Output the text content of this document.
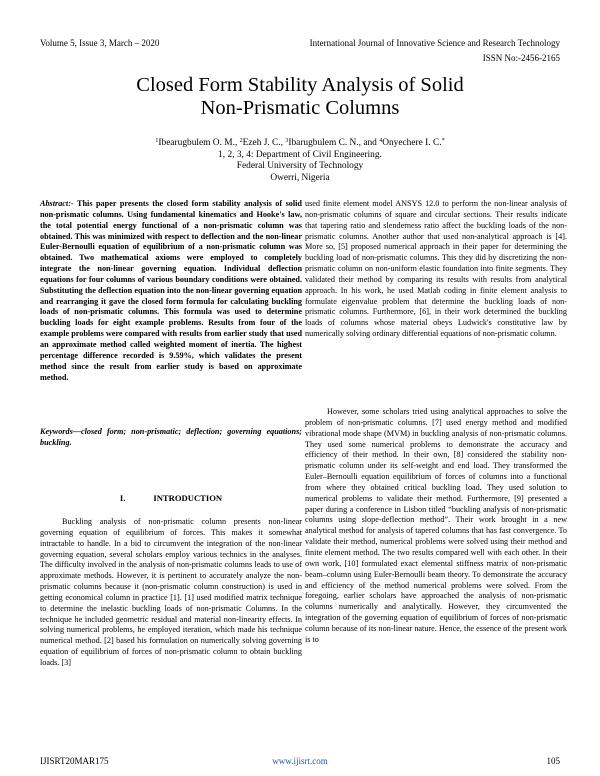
Volume 5, Issue 3, March – 2020	International Journal of Innovative Science and Research Technology
ISSN No:-2456-2165
Closed Form Stability Analysis of Solid
Non-Prismatic Columns
$^1$Ibearugbulem O. M., $^2$Ezeh J. C., $^3$Ibarugbulem C. N., and $^4$Onyechere I. C.*
1, 2, 3, 4: Department of Civil Engineering.
Federal University of Technology
Owerri, Nigeria
Abstract:- This paper presents the closed form stability analysis of solid non-prismatic columns. Using fundamental kinematics and Hooke's law, the total potential energy functional of a non-prismatic column was obtained. This was minimized with respect to deflection and the non-linear Euler-Bernoulli equation of equilibrium of a non-prismatic column was obtained. Two mathematical axioms were employed to completely integrate the non-linear governing equation. Individual deflection equations for four columns of various boundary conditions were obtained. Substituting the deflection equation into the non-linear governing equation and rearranging it gave the closed form formula for calculating buckling loads of non-prismatic columns. This formula was used to determine buckling loads for eight example problems. Results from four of the example problems were compared with results from earlier study that used an approximate method called weighted moment of inertia. The highest percentage difference recorded is 9.59%, which validates the present method since the result from earlier study is based on approximate method.
Keywords—closed form; non-prismatic; deflection; governing equations; buckling.
I.	INTRODUCTION

Buckling analysis of non-prismatic column presents non-linear governing equation of equilibrium of forces. This makes it somewhat intractable to handle. In a bid to circumvent the integration of the non-linear governing equation, several scholars employ various technics in the analyses. The difficulty involved in the analysis of non-prismatic columns leads to use of approximate methods. However, it is pertinent to accurately analyze the non-prismatic columns because it (non-prismatic column construction) is used in getting economical column in practice [1]. [1] used modified matrix technique to determine the inelastic buckling loads of non-prismatic Columns. In the technique he included geometric residual and material non-linearity effects. In solving numerical problems, he employed iteration, which made his technique numerical method. [2] based his formulation on numerically solving governing equation of equilibrium of forces of non-prismatic column to obtain buckling loads. [3]

used finite element model ANSYS 12.0 to perform the non-linear analysis of non-prismatic columns of square and circular sections. Their results indicate that tapering ratio and slenderness ratio affect the buckling loads of the non-prismatic columns. Another author that used non-analytical approach is [4]. More so, [5] proposed numerical approach in their paper for determining the buckling load of non-prismatic columns. This they did by discretizing the non-prismatic column on non-uniform elastic foundation into finite segments. They validated their method by comparing its results with results from analytical approach. In his work, he used Matlab coding in finite element analysis to formulate eigenvalue problem that determine the buckling loads of non-prismatic columns. Furthermore, [6], in their work determined the buckling loads of columns whose material obeys Ludwick's constitutive law by numerically solving ordinary differential equations of non-prismatic column.

However, some scholars tried using analytical approaches to solve the problem of non-prismatic columns. [7] used energy method and modified vibrational mode shape (MVM) in buckling analysis of non-prismatic columns. They used some numerical problems to demonstrate the accuracy and efficiency of their method. In their own, [8] considered the stability non-prismatic column under its self-weight and end load. They transformed the Euler–Bernoulli equation equilibrium of forces of columns into a functional from where they obtained critical buckling load. They used solution to numerical problems to validate their method. Furthermore, [9] presented a paper during a conference in Lisbon titled “buckling analysis of non-prismatic columns using slope-deflection method”. Their work brought in a new analytical method for analysis of tapered columns that has fast convergence. To validate their method, numerical problems were solved using their method and finite element method. The two results compared well with each other. In their own work, [10] formulated exact elemental stiffness matrix of non-prismatic beam–column using Euler-Bernoulli beam theory. To demonstrate the accuracy and efficiency of the method numerical problems were solved. From the foregoing, earlier scholars have approached the analysis of non-prismatic columns numerically and analytically. However, they circumvented the integration of the governing equation of equilibrium of forces of non-prismatic column because of its non-linear nature. Hence, the essence of the present work is to

IJISRT20MAR175	www.ijisrt.com	105
